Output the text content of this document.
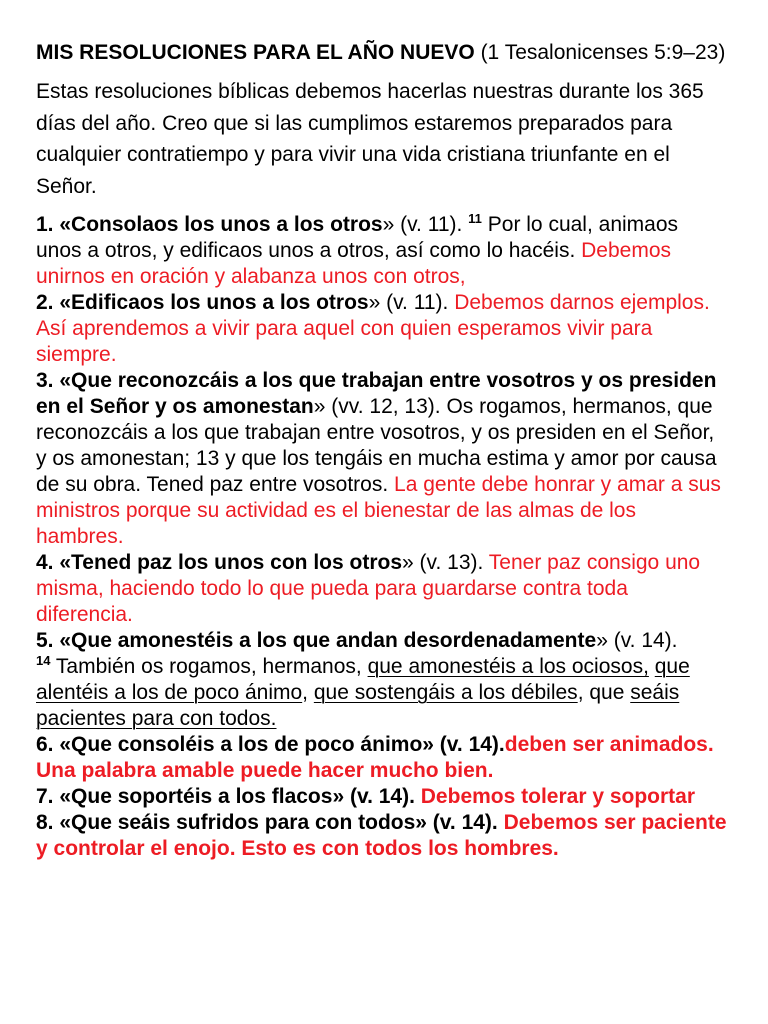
MIS RESOLUCIONES PARA EL AÑO NUEVO (1 Tesalonicenses 5:9–23)

Estas resoluciones bíblicas debemos hacerlas nuestras durante los 365 días del año. Creo que si las cumplimos estaremos preparados para cualquier contratiempo y para vivir una vida cristiana triunfante en el Señor.

1. «Consolaos los unos a los otros» (v. 11). $^{11}$ Por lo cual, animaos unos a otros, y edificaos unos a otros, así como lo hacéis. Debemos unirnos en oración y alabanza unos con otros,

2. «Edificaos los unos a los otros» (v. 11). Debemos darnos ejemplos. Así aprendemos a vivir para aquel con quien esperamos vivir para siempre.

3. «Que reconozcáis a los que trabajan entre vosotros y os presiden en el Señor y os amonestan» (vv. 12, 13). Os rogamos, hermanos, que reconozcáis a los que trabajan entre vosotros, y os presiden en el Señor, y os amonestan; 13 y que los tengáis en mucha estima y amor por causa de su obra. Tened paz entre vosotros. La gente debe honrar y amar a sus ministros porque su actividad es el bienestar de las almas de los hambres.

4. «Tened paz los unos con los otros» (v. 13). Tener paz consigo uno misma, haciendo todo lo que pueda para guardarse contra toda diferencia.

5. «Que amonestéis a los que andan desordenadamente» (v. 14).
$^{14}$ También os rogamos, hermanos, que amonestéis a los ociosos, que alentéis a los de poco ánimo, que sostengáis a los débiles, que seáis pacientes para con todos.

6. «Que consoléis a los de poco ánimo» (v. 14).deben ser animados. Una palabra amable puede hacer mucho bien.

7. «Que soportéis a los flacos» (v. 14). Debemos tolerar y soportar

8. «Que seáis sufridos para con todos» (v. 14). Debemos ser paciente y controlar el enojo. Esto es con todos los hombres.
